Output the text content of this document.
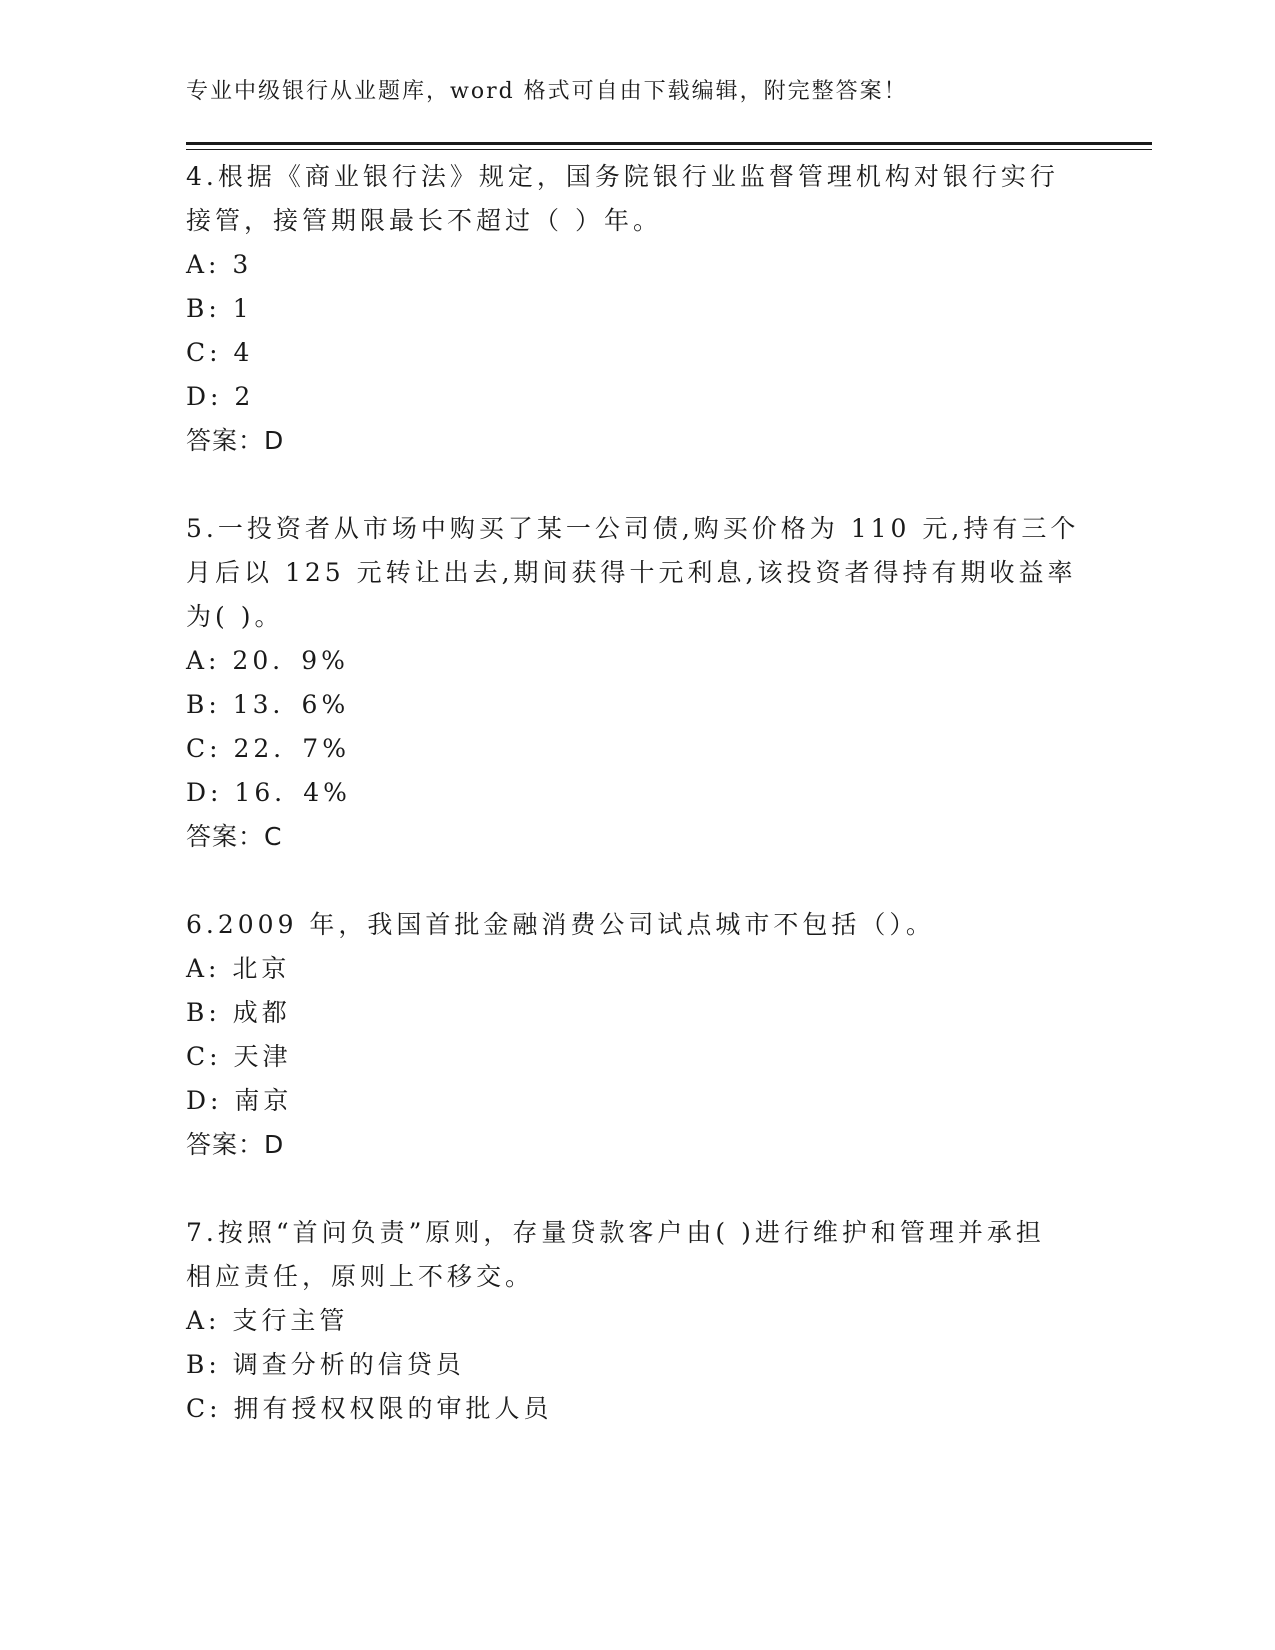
专业中级银行从业题库，word 格式可自由下载编辑，附完整答案！
4.根据《商业银行法》规定，国务院银行业监督管理机构对银行实行
接管，接管期限最长不超过（ ）年。
A: 3
B: 1
C: 4
D: 2
答案：D
5.一投资者从市场中购买了某一公司债,购买价格为 110 元,持有三个
月后以 125 元转让出去,期间获得十元利息,该投资者得持有期收益率
为( )。
A: 20．9%
B: 13．6%
C: 22．7%
D: 16．4%
答案：C
6.2009 年，我国首批金融消费公司试点城市不包括（）。
A: 北京
B: 成都
C: 天津
D: 南京
答案：D
7.按照“首问负责”原则，存量贷款客户由( )进行维护和管理并承担
相应责任，原则上不移交。
A: 支行主管
B: 调查分析的信贷员
C: 拥有授权权限的审批人员
